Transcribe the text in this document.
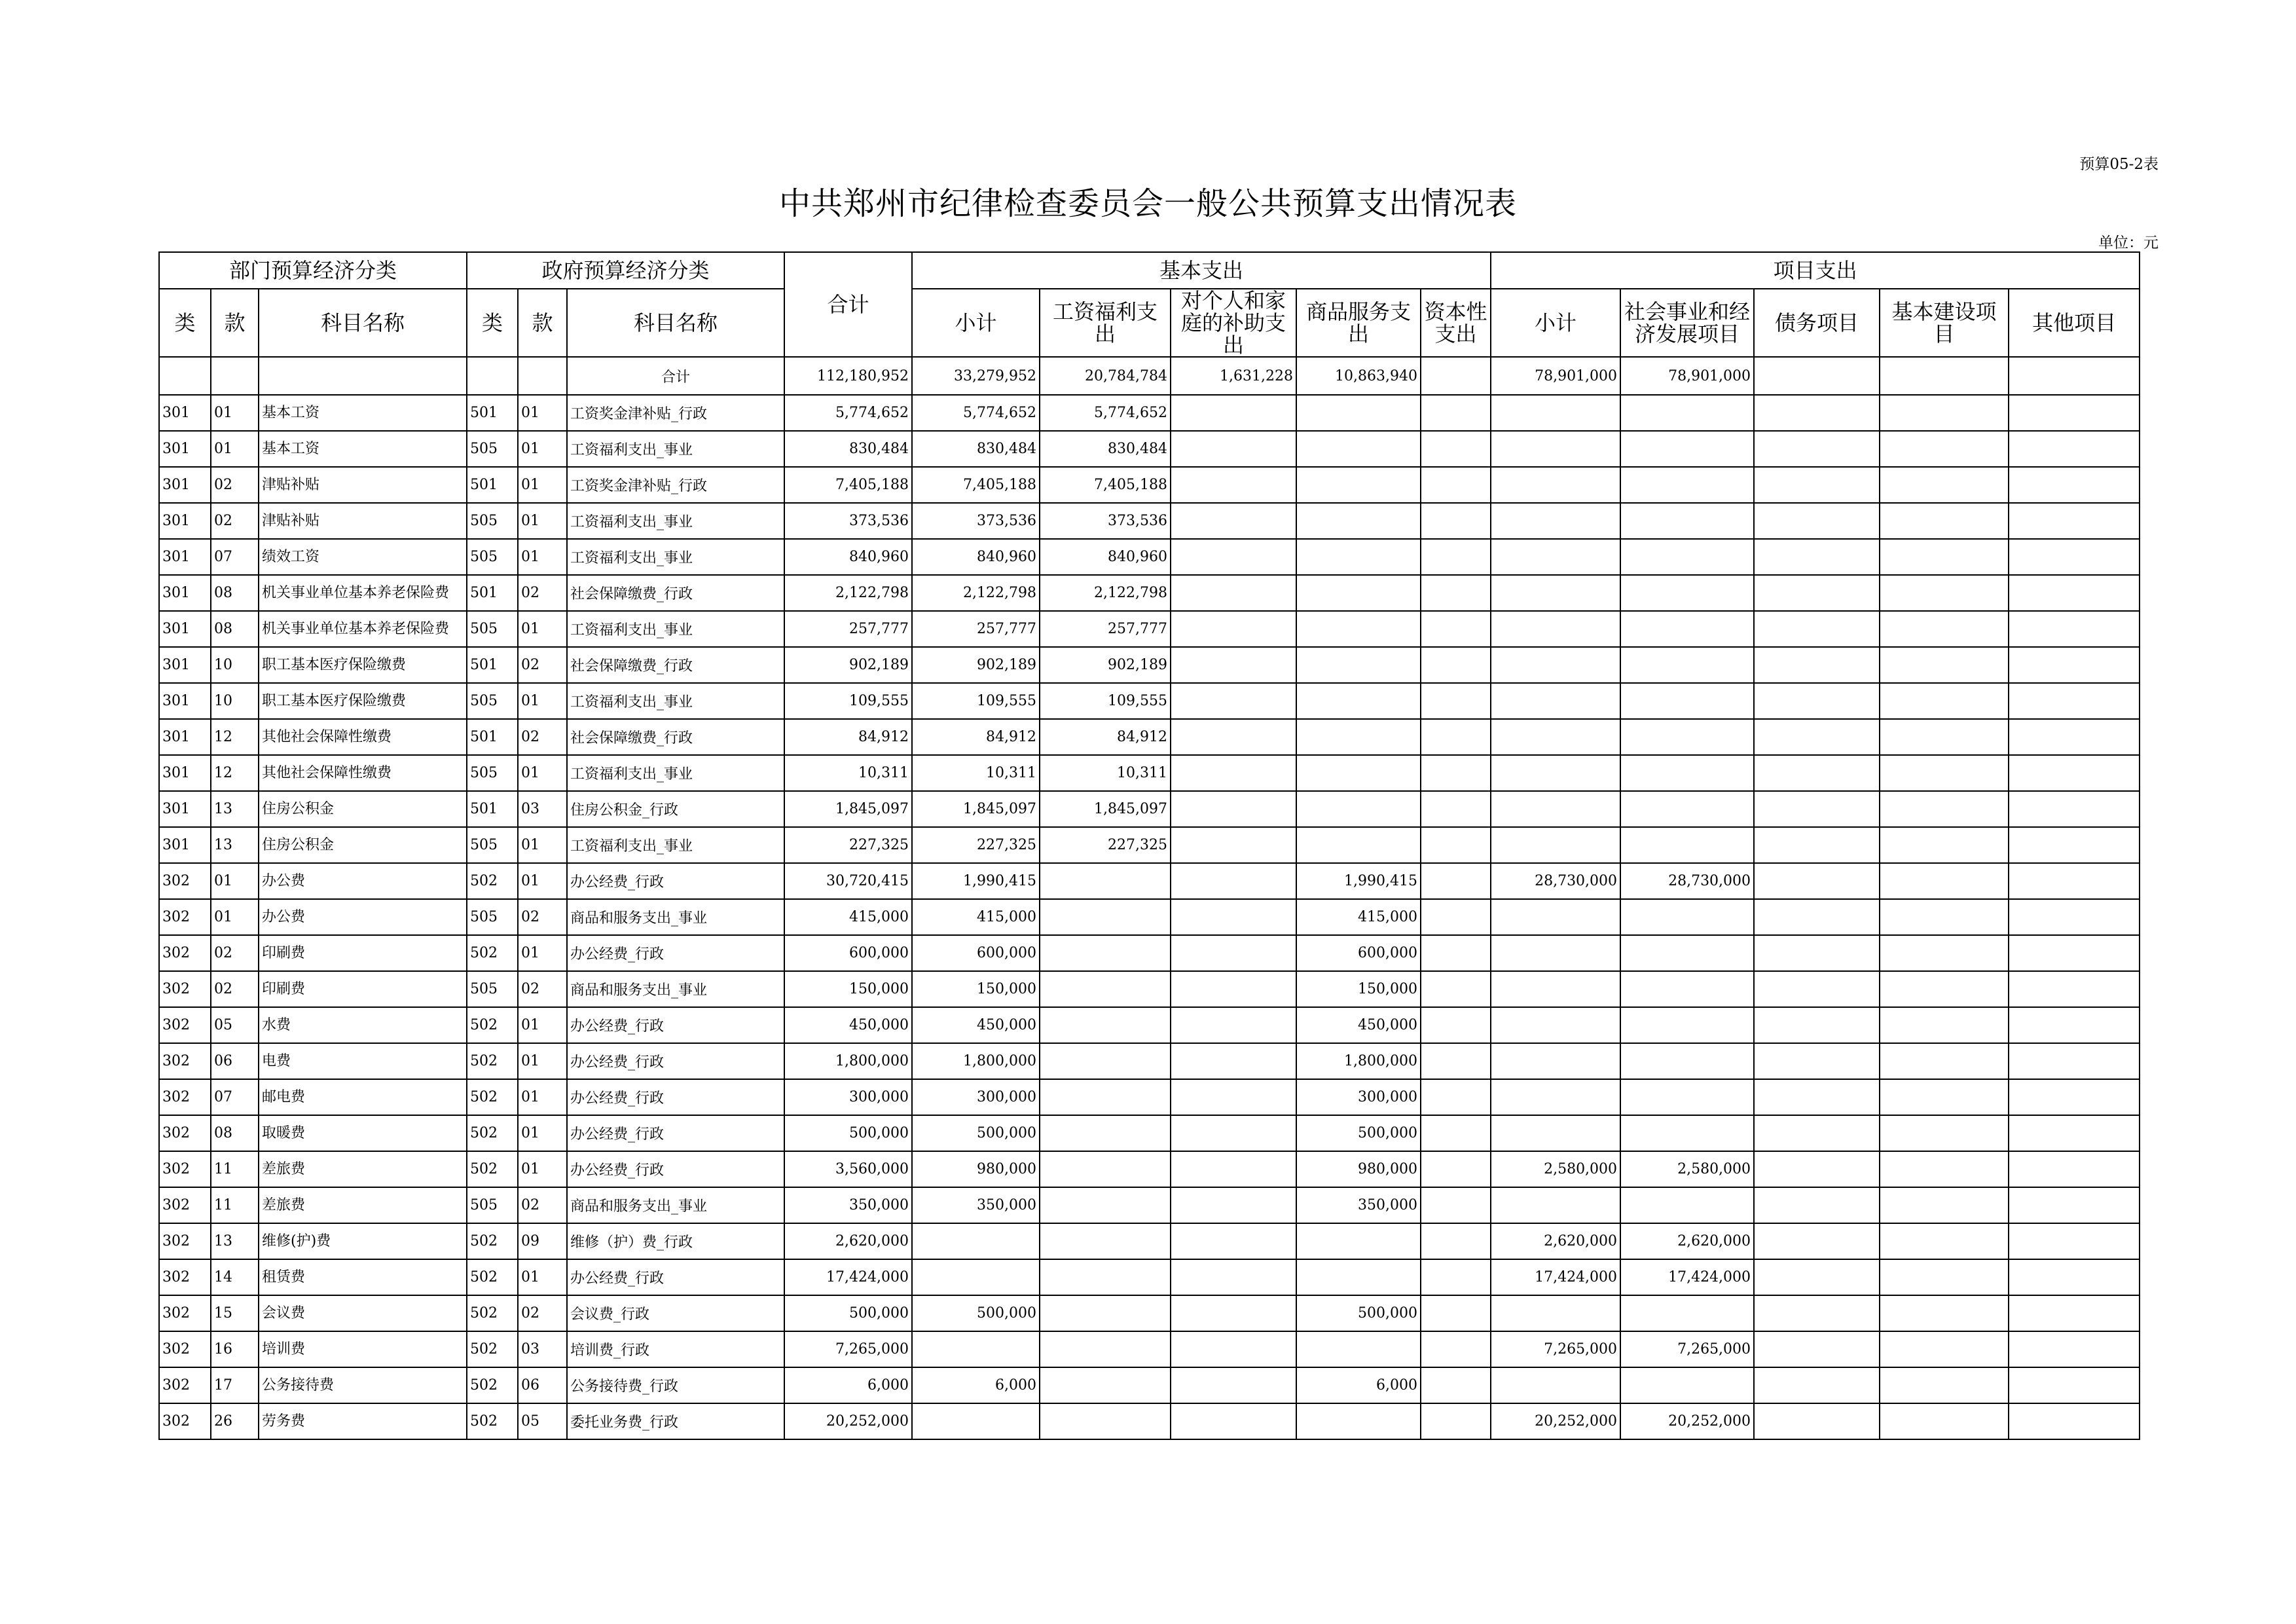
预算05-2表
中共郑州市纪律检查委员会一般公共预算支出情况表
单位：元
部门预算经济分类			政府预算经济分类			合计	基本支出					项目支出				
类	款	科目名称	类	款	科目名称		小计	工资福利支出	对个人和家庭的补助支出	商品服务支出	资本性支出	小计	社会事业和经济发展项目	债务项目	基本建设项目	其他项目
					合计	112,180,952	33,279,952	20,784,784	1,631,228	10,863,940		78,901,000	78,901,000			
301	01	基本工资	501	01	工资奖金津补贴_行政	5,774,652	5,774,652	5,774,652								
301	01	基本工资	505	01	工资福利支出_事业	830,484	830,484	830,484								
301	02	津贴补贴	501	01	工资奖金津补贴_行政	7,405,188	7,405,188	7,405,188								
301	02	津贴补贴	505	01	工资福利支出_事业	373,536	373,536	373,536								
301	07	绩效工资	505	01	工资福利支出_事业	840,960	840,960	840,960								
301	08	机关事业单位基本养老保险费	501	02	社会保障缴费_行政	2,122,798	2,122,798	2,122,798								
301	08	机关事业单位基本养老保险费	505	01	工资福利支出_事业	257,777	257,777	257,777								
301	10	职工基本医疗保险缴费	501	02	社会保障缴费_行政	902,189	902,189	902,189								
301	10	职工基本医疗保险缴费	505	01	工资福利支出_事业	109,555	109,555	109,555								
301	12	其他社会保障性缴费	501	02	社会保障缴费_行政	84,912	84,912	84,912								
301	12	其他社会保障性缴费	505	01	工资福利支出_事业	10,311	10,311	10,311								
301	13	住房公积金	501	03	住房公积金_行政	1,845,097	1,845,097	1,845,097								
301	13	住房公积金	505	01	工资福利支出_事业	227,325	227,325	227,325								
302	01	办公费	502	01	办公经费_行政	30,720,415	1,990,415			1,990,415		28,730,000	28,730,000			
302	01	办公费	505	02	商品和服务支出_事业	415,000	415,000			415,000						
302	02	印刷费	502	01	办公经费_行政	600,000	600,000			600,000						
302	02	印刷费	505	02	商品和服务支出_事业	150,000	150,000			150,000						
302	05	水费	502	01	办公经费_行政	450,000	450,000			450,000						
302	06	电费	502	01	办公经费_行政	1,800,000	1,800,000			1,800,000						
302	07	邮电费	502	01	办公经费_行政	300,000	300,000			300,000						
302	08	取暖费	502	01	办公经费_行政	500,000	500,000			500,000						
302	11	差旅费	502	01	办公经费_行政	3,560,000	980,000			980,000		2,580,000	2,580,000			
302	11	差旅费	505	02	商品和服务支出_事业	350,000	350,000			350,000						
302	13	维修(护)费	502	09	维修（护）费_行政	2,620,000						2,620,000	2,620,000			
302	14	租赁费	502	01	办公经费_行政	17,424,000						17,424,000	17,424,000			
302	15	会议费	502	02	会议费_行政	500,000	500,000			500,000						
302	16	培训费	502	03	培训费_行政	7,265,000						7,265,000	7,265,000			
302	17	公务接待费	502	06	公务接待费_行政	6,000	6,000			6,000						
302	26	劳务费	502	05	委托业务费_行政	20,252,000						20,252,000	20,252,000			
